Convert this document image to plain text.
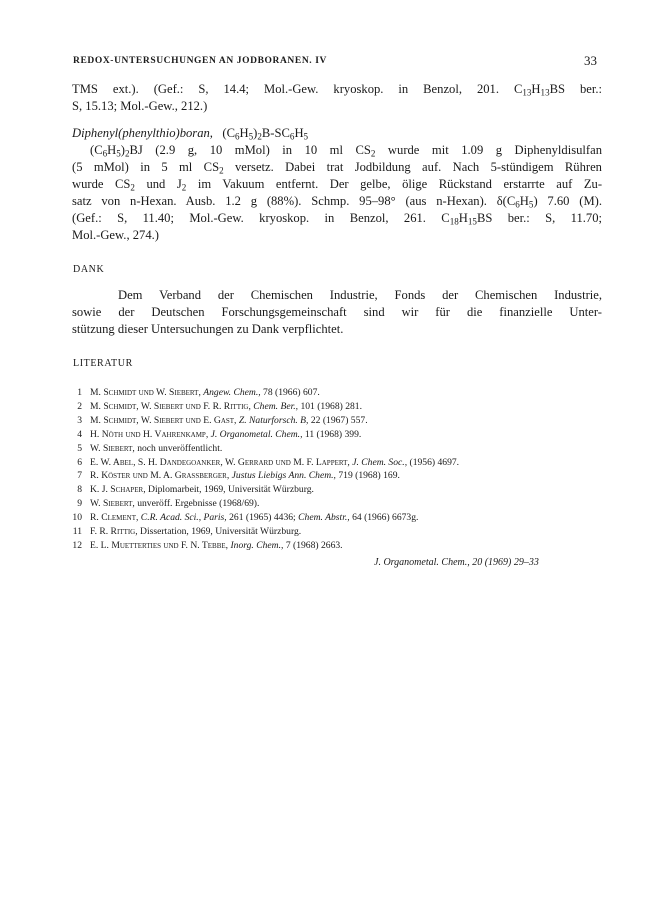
REDOX-UNTERSUCHUNGEN AN JODBORANEN. IV	33
TMS ext.). (Gef.: S, 14.4; Mol.-Gew. kryoskop. in Benzol, 201. $C_{13}H_{13}BS$ ber.:
S, 15.13; Mol.-Gew., 212.)
Diphenyl(phenylthio)boran, $(C_6H_5)_2B-SC_6H_5$
$(C_6H_5)_2BJ$ (2.9 g, 10 mMol) in 10 ml $CS_2$ wurde mit 1.09 g Diphenyldisulfan
(5 mMol) in 5 ml $CS_2$ versetz. Dabei trat Jodbildung auf. Nach 5-stündigem Rühren
wurde $CS_2$ und $J_2$ im Vakuum entfernt. Der gelbe, ölige Rückstand erstarrte auf Zu-
satz von n-Hexan. Ausb. 1.2 g (88%). Schmp. 95–98° (aus n-Hexan). $\delta(C_6H_5)$ 7.60 (M).
(Gef.: S, 11.40; Mol.-Gew. kryoskop. in Benzol, 261. $C_{18}H_{15}BS$ ber.: S, 11.70;
Mol.-Gew., 274.)
DANK
Dem Verband der Chemischen Industrie, Fonds der Chemischen Industrie,
sowie der Deutschen Forschungsgemeinschaft sind wir für die finanzielle Unter-
stützung dieser Untersuchungen zu Dank verpflichtet.
LITERATUR
1 M. Schmidt und W. Siebert, Angew. Chem., 78 (1966) 607.
2 M. Schmidt, W. Siebert und F. R. Rittig, Chem. Ber., 101 (1968) 281.
3 M. Schmidt, W. Siebert und E. Gast, Z. Naturforsch. B, 22 (1967) 557.
4 H. Nöth und H. Vahrenkamp, J. Organometal. Chem., 11 (1968) 399.
5 W. Siebert, noch unveröffentlicht.
6 E. W. Abel, S. H. Dandegoanker, W. Gerrard und M. F. Lappert, J. Chem. Soc., (1956) 4697.
7 R. Köster und M. A. Grassberger, Justus Liebigs Ann. Chem., 719 (1968) 169.
8 K. J. Schaper, Diplomarbeit, 1969, Universität Würzburg.
9 W. Siebert, unveröff. Ergebnisse (1968/69).
10 R. Clement, C.R. Acad. Sci., Paris, 261 (1965) 4436; Chem. Abstr., 64 (1966) 6673g.
11 F. R. Rittig, Dissertation, 1969, Universität Würzburg.
12 E. L. Muetterties und F. N. Tebbe, Inorg. Chem., 7 (1968) 2663.
J. Organometal. Chem., 20 (1969) 29–33
